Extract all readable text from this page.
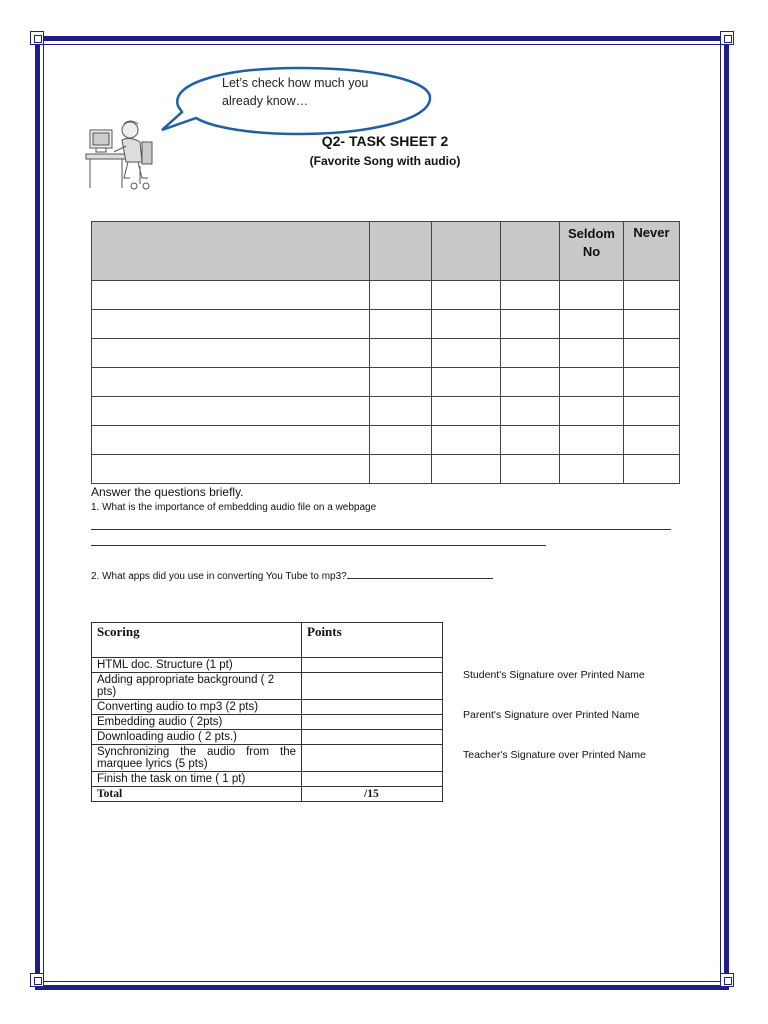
Let’s check how much you
already know…
Q2- TASK SHEET 2
(Favorite Song with audio)
				Seldom No	Never

Answer the questions briefly.
1. What is the importance of embedding audio file on a webpage
2. What apps did you use in converting You Tube to mp3?
Scoring	Points
HTML doc. Structure (1 pt)	
Adding appropriate background ( 2 pts)	
Converting audio to mp3 (2 pts)	
Embedding audio ( 2pts)	
Downloading audio ( 2 pts.)	
Synchronizing the audio from the marquee lyrics (5 pts)	
Finish the task on time ( 1 pt)	
Total	/15
Student's Signature over Printed Name
Parent's Signature over Printed Name
Teacher's Signature over Printed Name
